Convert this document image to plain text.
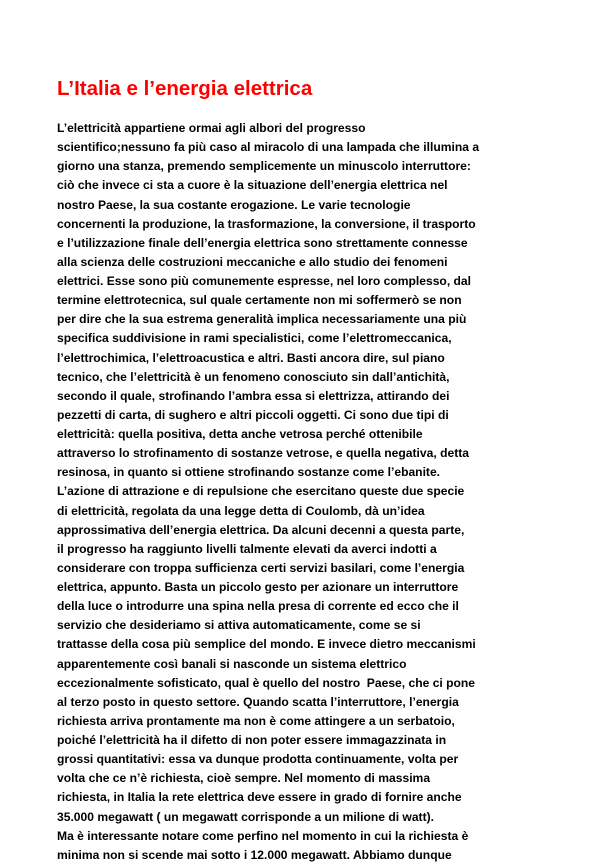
L’Italia e l’energia elettrica
L’elettricità appartiene ormai agli albori del progresso
scientifico;nessuno fa più caso al miracolo di una lampada che illumina a
giorno una stanza, premendo semplicemente un minuscolo interruttore:
ciò che invece ci sta a cuore è la situazione dell’energia elettrica nel
nostro Paese, la sua costante erogazione. Le varie tecnologie
concernenti la produzione, la trasformazione, la conversione, il trasporto
e l’utilizzazione finale dell’energia elettrica sono strettamente connesse
alla scienza delle costruzioni meccaniche e allo studio dei fenomeni
elettrici. Esse sono più comunemente espresse, nel loro complesso, dal
termine elettrotecnica, sul quale certamente non mi soffermerò se non
per dire che la sua estrema generalità implica necessariamente una più
specifica suddivisione in rami specialistici, come l’elettromeccanica,
l’elettrochimica, l’elettroacustica e altri. Basti ancora dire, sul piano
tecnico, che l’elettricità è un fenomeno conosciuto sin dall’antichità,
secondo il quale, strofinando l’ambra essa si elettrizza, attirando dei
pezzetti di carta, di sughero e altri piccoli oggetti. Ci sono due tipi di
elettricità: quella positiva, detta anche vetrosa perché ottenibile
attraverso lo strofinamento di sostanze vetrose, e quella negativa, detta
resinosa, in quanto si ottiene strofinando sostanze come l’ebanite.
L’azione di attrazione e di repulsione che esercitano queste due specie
di elettricità, regolata da una legge detta di Coulomb, dà un’idea
approssimativa dell’energia elettrica. Da alcuni decenni a questa parte,
il progresso ha raggiunto livelli talmente elevati da averci indotti a
considerare con troppa sufficienza certi servizi basilari, come l’energia
elettrica, appunto. Basta un piccolo gesto per azionare un interruttore
della luce o introdurre una spina nella presa di corrente ed ecco che il
servizio che desideriamo si attiva automaticamente, come se si
trattasse della cosa più semplice del mondo. E invece dietro meccanismi
apparentemente così banali si nasconde un sistema elettrico
eccezionalmente sofisticato, qual è quello del nostro  Paese, che ci pone
al terzo posto in questo settore. Quando scatta l’interruttore, l’energia
richiesta arriva prontamente ma non è come attingere a un serbatoio,
poiché l’elettricità ha il difetto di non poter essere immagazzinata in
grossi quantitativi: essa va dunque prodotta continuamente, volta per
volta che ce n’è richiesta, cioè sempre. Nel momento di massima
richiesta, in Italia la rete elettrica deve essere in grado di fornire anche
35.000 megawatt ( un megawatt corrisponde a un milione di watt).
Ma è interessante notare come perfino nel momento in cui la richiesta è
minima non si scende mai sotto i 12.000 megawatt. Abbiamo dunque
